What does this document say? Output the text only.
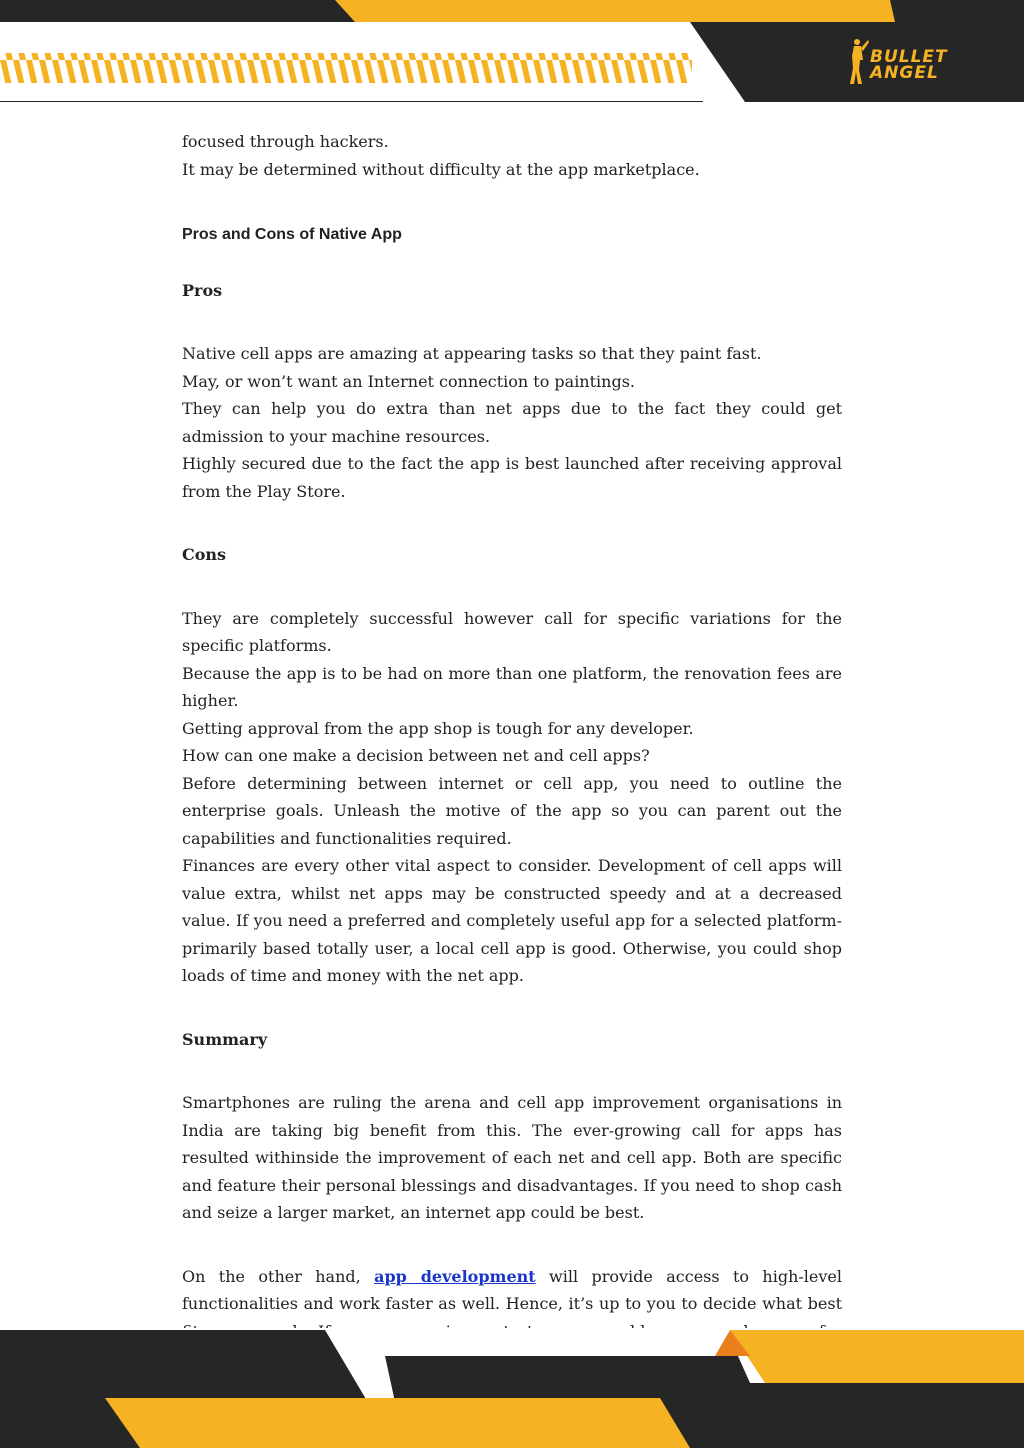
BULLET
ANGEL

focused through hackers.

It may be determined without difficulty at the app marketplace.

Pros and Cons of Native App
Pros

Native cell apps are amazing at appearing tasks so that they paint fast.

May, or won’t want an Internet connection to paintings.

They can help you do extra than net apps due to the fact they could get admission to your machine resources.

Highly secured due to the fact the app is best launched after receiving approval from the Play Store.

Cons

They are completely successful however call for specific variations for the specific platforms.

Because the app is to be had on more than one platform, the renovation fees are higher.

Getting approval from the app shop is tough for any developer.

How can one make a decision between net and cell apps?

Before determining between internet or cell app, you need to outline the enterprise goals. Unleash the motive of the app so you can parent out the capabilities and functionalities required.

Finances are every other vital aspect to consider. Development of cell apps will value extra, whilst net apps may be constructed speedy and at a decreased value. If you need a preferred and completely useful app for a selected platform-primarily based totally user, a local cell app is good. Otherwise, you could shop loads of time and money with the net app.

Summary

Smartphones are ruling the arena and cell app improvement organisations in India are taking big benefit from this. The ever-growing call for apps has resulted withinside the improvement of each net and cell app. Both are specific and feature their personal blessings and disadvantages. If you need to shop cash and seize a larger market, an internet app could be best.

On the other hand, app development will provide access to high-level functionalities and work faster as well. Hence, it’s up to you to decide what best
